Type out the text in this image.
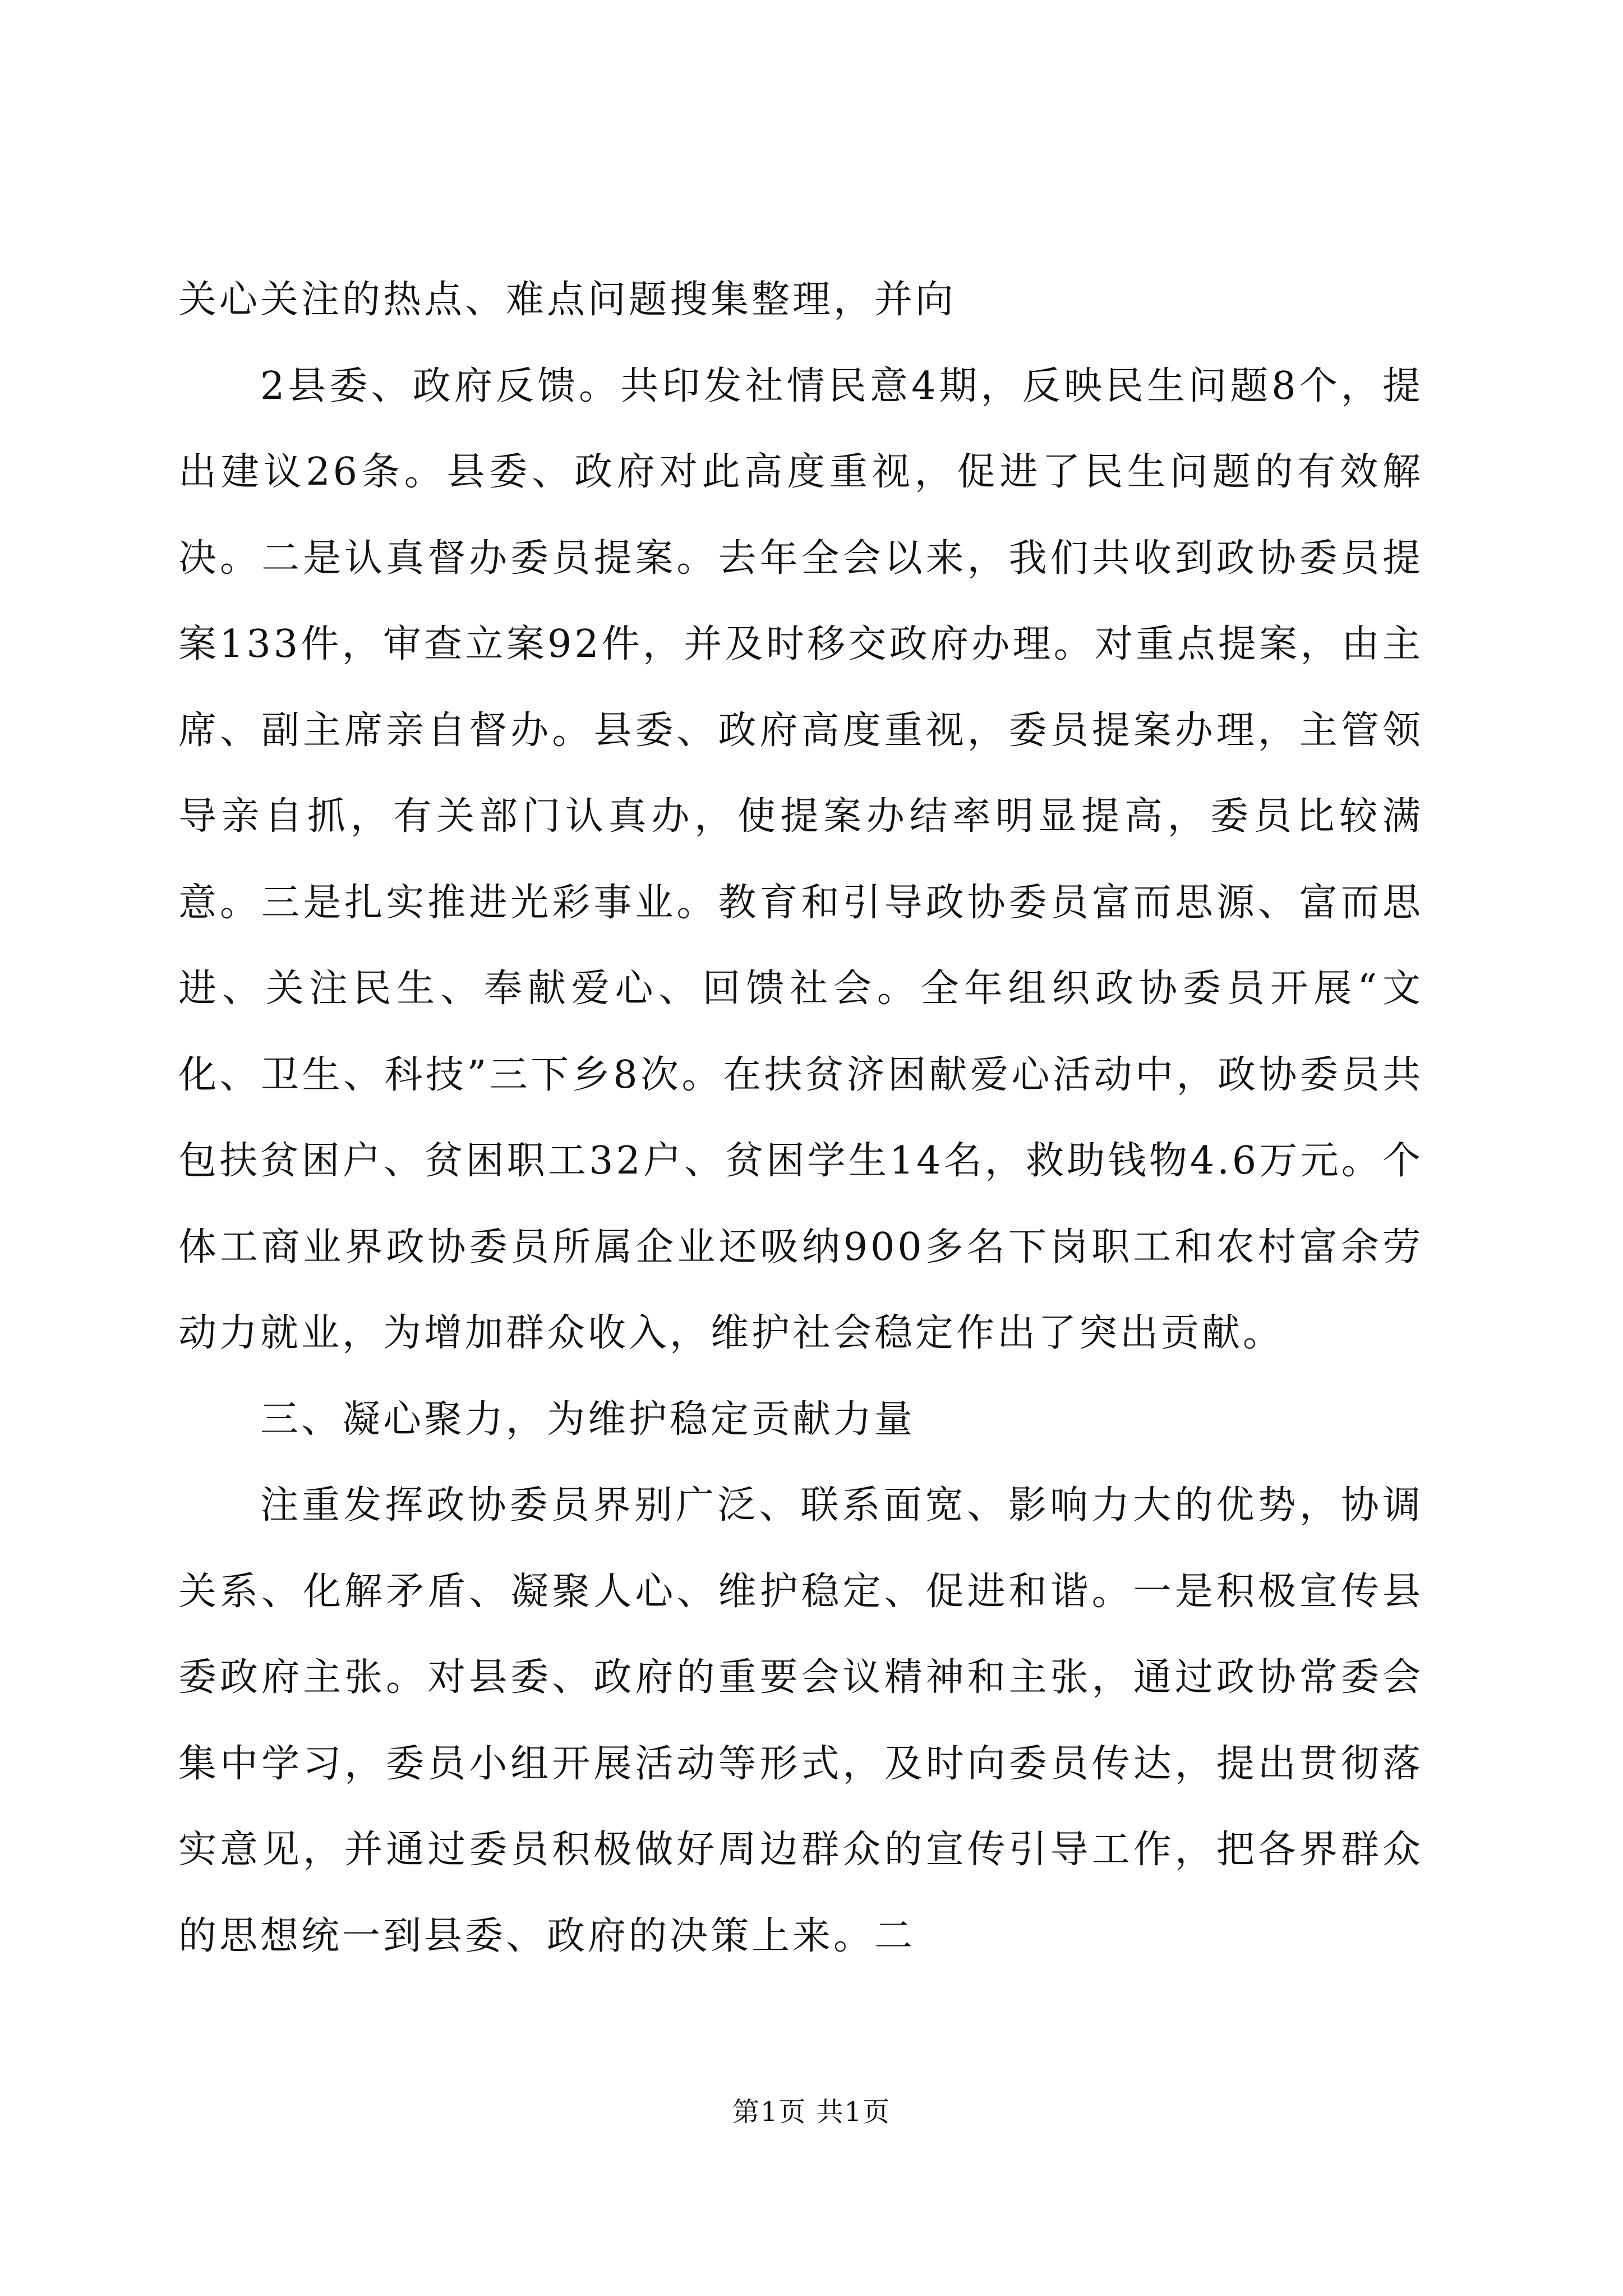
关心关注的热点、难点问题搜集整理，并向

2县委、政府反馈。共印发社情民意4期，反映民生问题8个，提出建议26条。县委、政府对此高度重视，促进了民生问题的有效解决。二是认真督办委员提案。去年全会以来，我们共收到政协委员提案133件，审查立案92件，并及时移交政府办理。对重点提案，由主席、副主席亲自督办。县委、政府高度重视，委员提案办理，主管领导亲自抓，有关部门认真办，使提案办结率明显提高，委员比较满意。三是扎实推进光彩事业。教育和引导政协委员富而思源、富而思进、关注民生、奉献爱心、回馈社会。全年组织政协委员开展“文化、卫生、科技”三下乡8次。在扶贫济困献爱心活动中，政协委员共包扶贫困户、贫困职工32户、贫困学生14名，救助钱物4.6万元。个体工商业界政协委员所属企业还吸纳900多名下岗职工和农村富余劳动力就业，为增加群众收入，维护社会稳定作出了突出贡献。

三、凝心聚力，为维护稳定贡献力量

注重发挥政协委员界别广泛、联系面宽、影响力大的优势，协调关系、化解矛盾、凝聚人心、维护稳定、促进和谐。一是积极宣传县委政府主张。对县委、政府的重要会议精神和主张，通过政协常委会集中学习，委员小组开展活动等形式，及时向委员传达，提出贯彻落实意见，并通过委员积极做好周边群众的宣传引导工作，把各界群众的思想统一到县委、政府的决策上来。二

第1页 共1页
